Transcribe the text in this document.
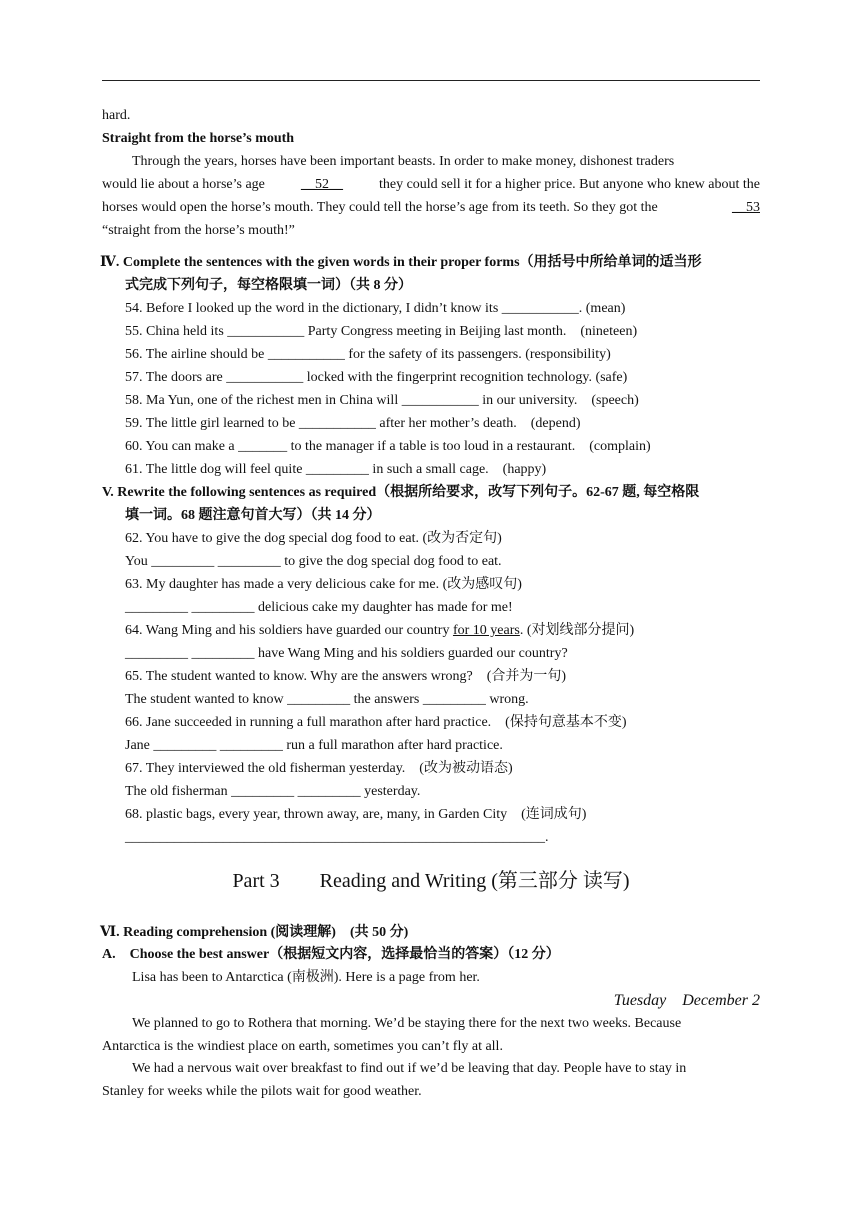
hard.
Straight from the horse’s mouth
Through the years, horses have been important beasts. In order to make money, dishonest traders
would lie about a horse’s age	__52__	they could sell it for a higher price. But anyone who knew about the
horses would open the horse’s mouth. They could tell the horse’s age from its teeth. So they got the	__53
“straight from the horse’s mouth!”
Ⅳ. Complete the sentences with the given words in their proper forms（用括号中所给单词的适当形
式完成下列句子，每空格限填一词）（共 8 分）
54. Before I looked up the word in the dictionary, I didn’t know its ___________. (mean)
55. China held its ___________ Party Congress meeting in Beijing last month.　(nineteen)
56. The airline should be ___________ for the safety of its passengers. (responsibility)
57. The doors are ___________ locked with the fingerprint recognition technology. (safe)
58. Ma Yun, one of the richest men in China will ___________ in our university.　(speech)
59. The little girl learned to be ___________ after her mother’s death.　(depend)
60. You can make a _______ to the manager if a table is too loud in a restaurant.　(complain)
61. The little dog will feel quite _________ in such a small cage.　(happy)
V. Rewrite the following sentences as required（根据所给要求，改写下列句子。62-67 题, 每空格限
填一词。68 题注意句首大写）（共 14 分）
62. You have to give the dog special dog food to eat. (改为否定句)
You _________ _________ to give the dog special dog food to eat.
63. My daughter has made a very delicious cake for me. (改为感叹句)
_________ _________ delicious cake my daughter has made for me!
64. Wang Ming and his soldiers have guarded our country for 10 years. (对划线部分提问)
_________ _________ have Wang Ming and his soldiers guarded our country?
65. The student wanted to know. Why are the answers wrong?　(合并为一句)
The student wanted to know _________ the answers _________ wrong.
66. Jane succeeded in running a full marathon after hard practice.　(保持句意基本不变)
Jane _________ _________ run a full marathon after hard practice.
67. They interviewed the old fisherman yesterday.　(改为被动语态)
The old fisherman _________ _________ yesterday.
68. plastic bags, every year, thrown away, are, many, in Garden City　(连词成句)
____________________________________________________________.
Part 3　　Reading and Writing (第三部分 读写)
Ⅵ. Reading comprehension (阅读理解)　(共 50 分)
A.　Choose the best answer（根据短文内容，选择最恰当的答案）（12 分）
Lisa has been to Antarctica (南极洲). Here is a page from her.
Tuesday　December 2
We planned to go to Rothera that morning. We’d be staying there for the next two weeks. Because
Antarctica is the windiest place on earth, sometimes you can’t fly at all.
We had a nervous wait over breakfast to find out if we’d be leaving that day. People have to stay in
Stanley for weeks while the pilots wait for good weather.
